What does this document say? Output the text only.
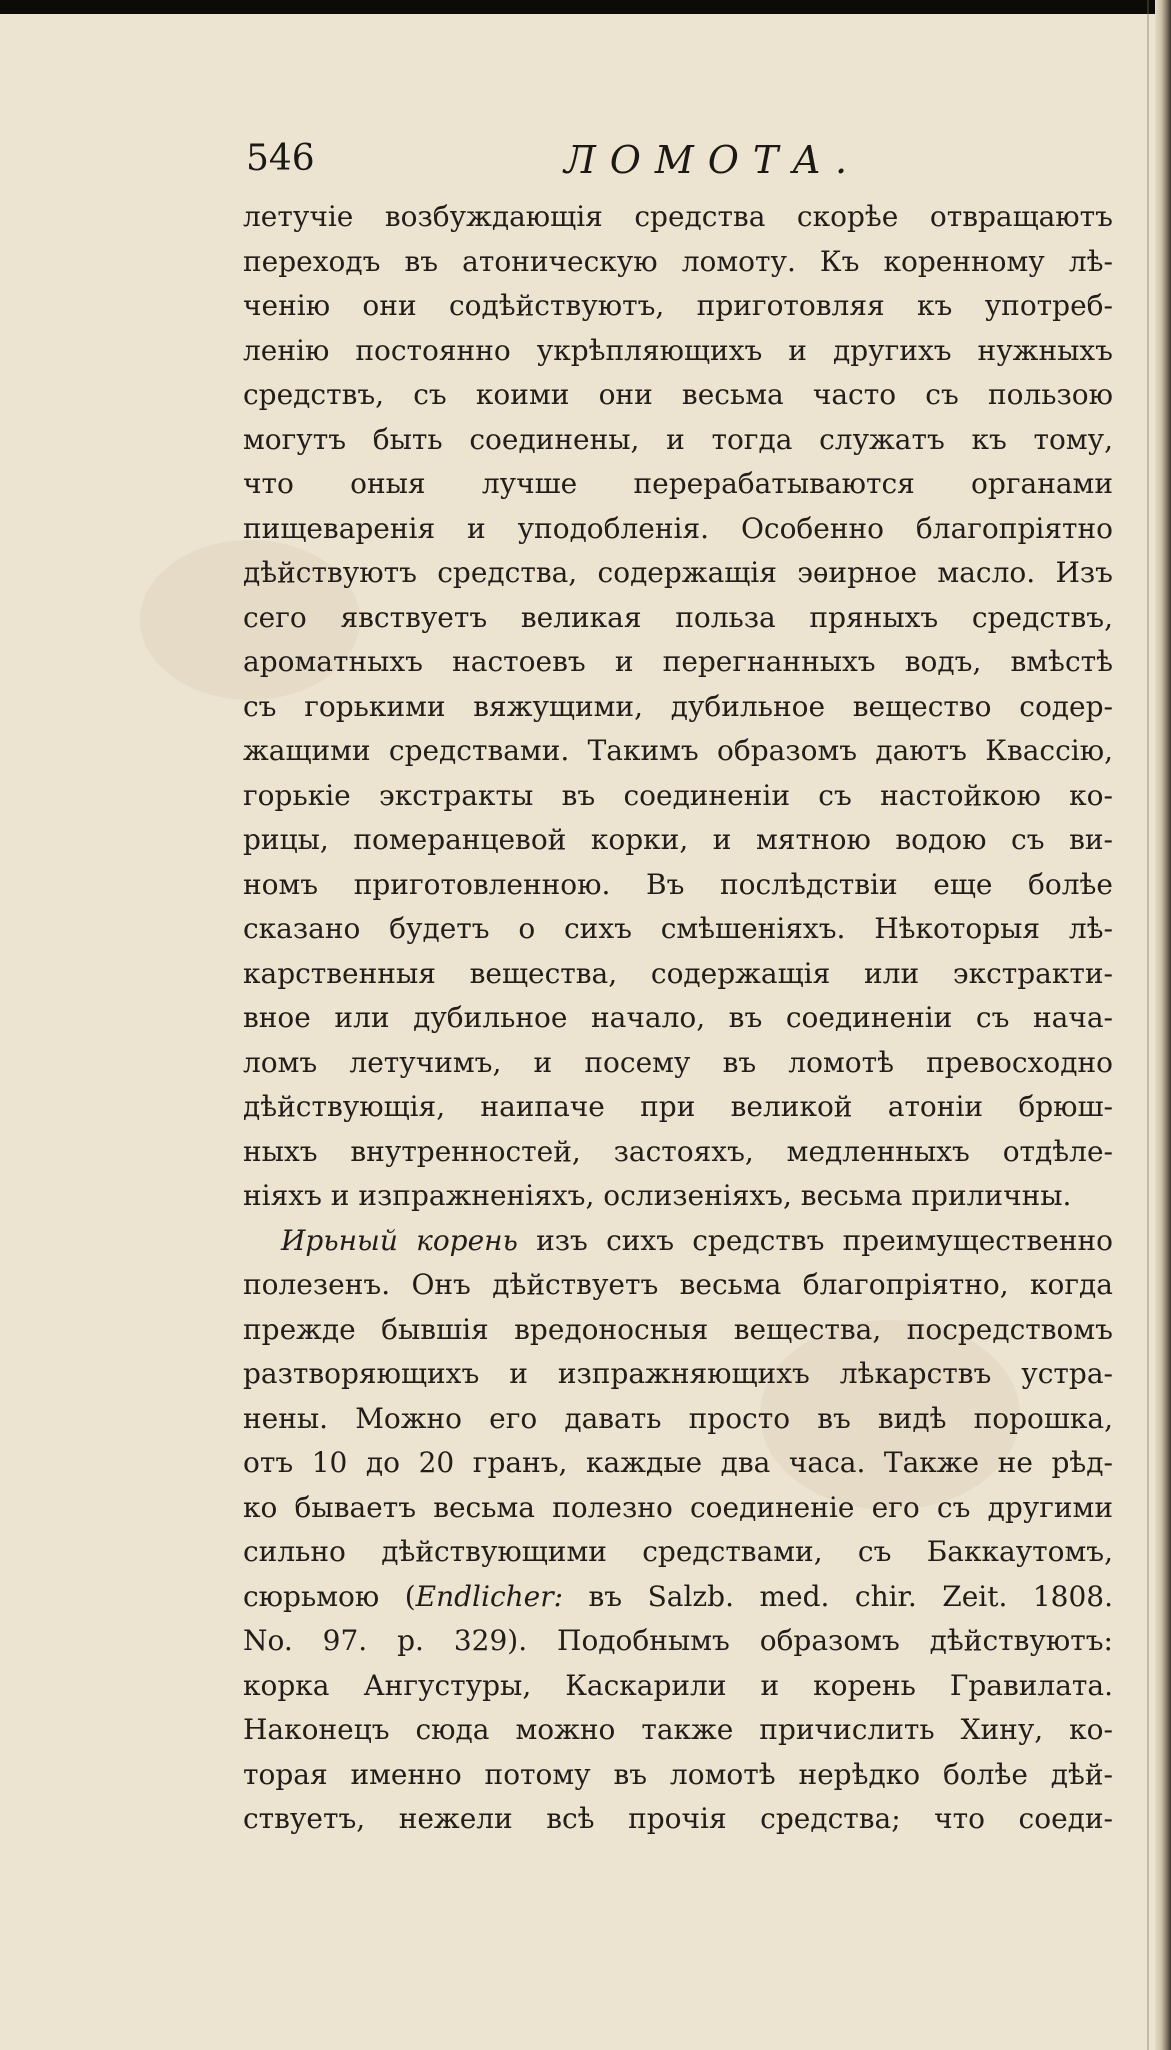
546	ЛОМОТА.
летучіе возбуждающія средства скорѣе отвращаютъ
переходъ въ атоническую ломоту. Къ коренному лѣ-
ченію они содѣйствуютъ, приготовляя къ употреб-
ленію постоянно укрѣпляющихъ и другихъ нужныхъ
средствъ, съ коими они весьма часто съ пользою
могутъ быть соединены, и тогда служатъ къ тому,
что оныя лучше перерабатываются органами
пищеваренія и уподобленія. Особенно благопріятно
дѣйствуютъ средства, содержащія эѳирное масло. Изъ
сего явствуетъ великая польза пряныхъ средствъ,
ароматныхъ настоевъ и перегнанныхъ водъ, вмѣстѣ
съ горькими вяжущими, дубильное вещество содер-
жащими средствами. Такимъ образомъ даютъ Квассію,
горькіе экстракты въ соединеніи съ настойкою ко-
рицы, померанцевой корки, и мятною водою съ ви-
номъ приготовленною. Въ послѣдствіи еще болѣе
сказано будетъ о сихъ смѣшеніяхъ. Нѣкоторыя лѣ-
карственныя вещества, содержащія или экстракти-
вное или дубильное начало, въ соединеніи съ нача-
ломъ летучимъ, и посему въ ломотѣ превосходно
дѣйствующія, наипаче при великой атоніи брюш-
ныхъ внутренностей, застояхъ, медленныхъ отдѣле-
ніяхъ и изпражненіяхъ, ослизеніяхъ, весьма приличны.
Ирьный корень изъ сихъ средствъ преимущественно
полезенъ. Онъ дѣйствуетъ весьма благопріятно, когда
прежде бывшія вредоносныя вещества, посредствомъ
разтворяющихъ и изпражняющихъ лѣкарствъ устра-
нены. Можно его давать просто въ видѣ порошка,
отъ 10 до 20 гранъ, каждые два часа. Также не рѣд-
ко бываетъ весьма полезно соединеніе его съ другими
сильно дѣйствующими средствами, съ Баккаутомъ,
сюрьмою (Endlicher: въ Salzb. med. chir. Zeit. 1808.
No. 97. p. 329). Подобнымъ образомъ дѣйствуютъ:
корка Ангустуры, Каскарили и корень Гравилата.
Наконецъ сюда можно также причислить Хину, ко-
торая именно потому въ ломотѣ нерѣдко болѣе дѣй-
ствуетъ, нежели всѣ прочія средства; что соеди-
